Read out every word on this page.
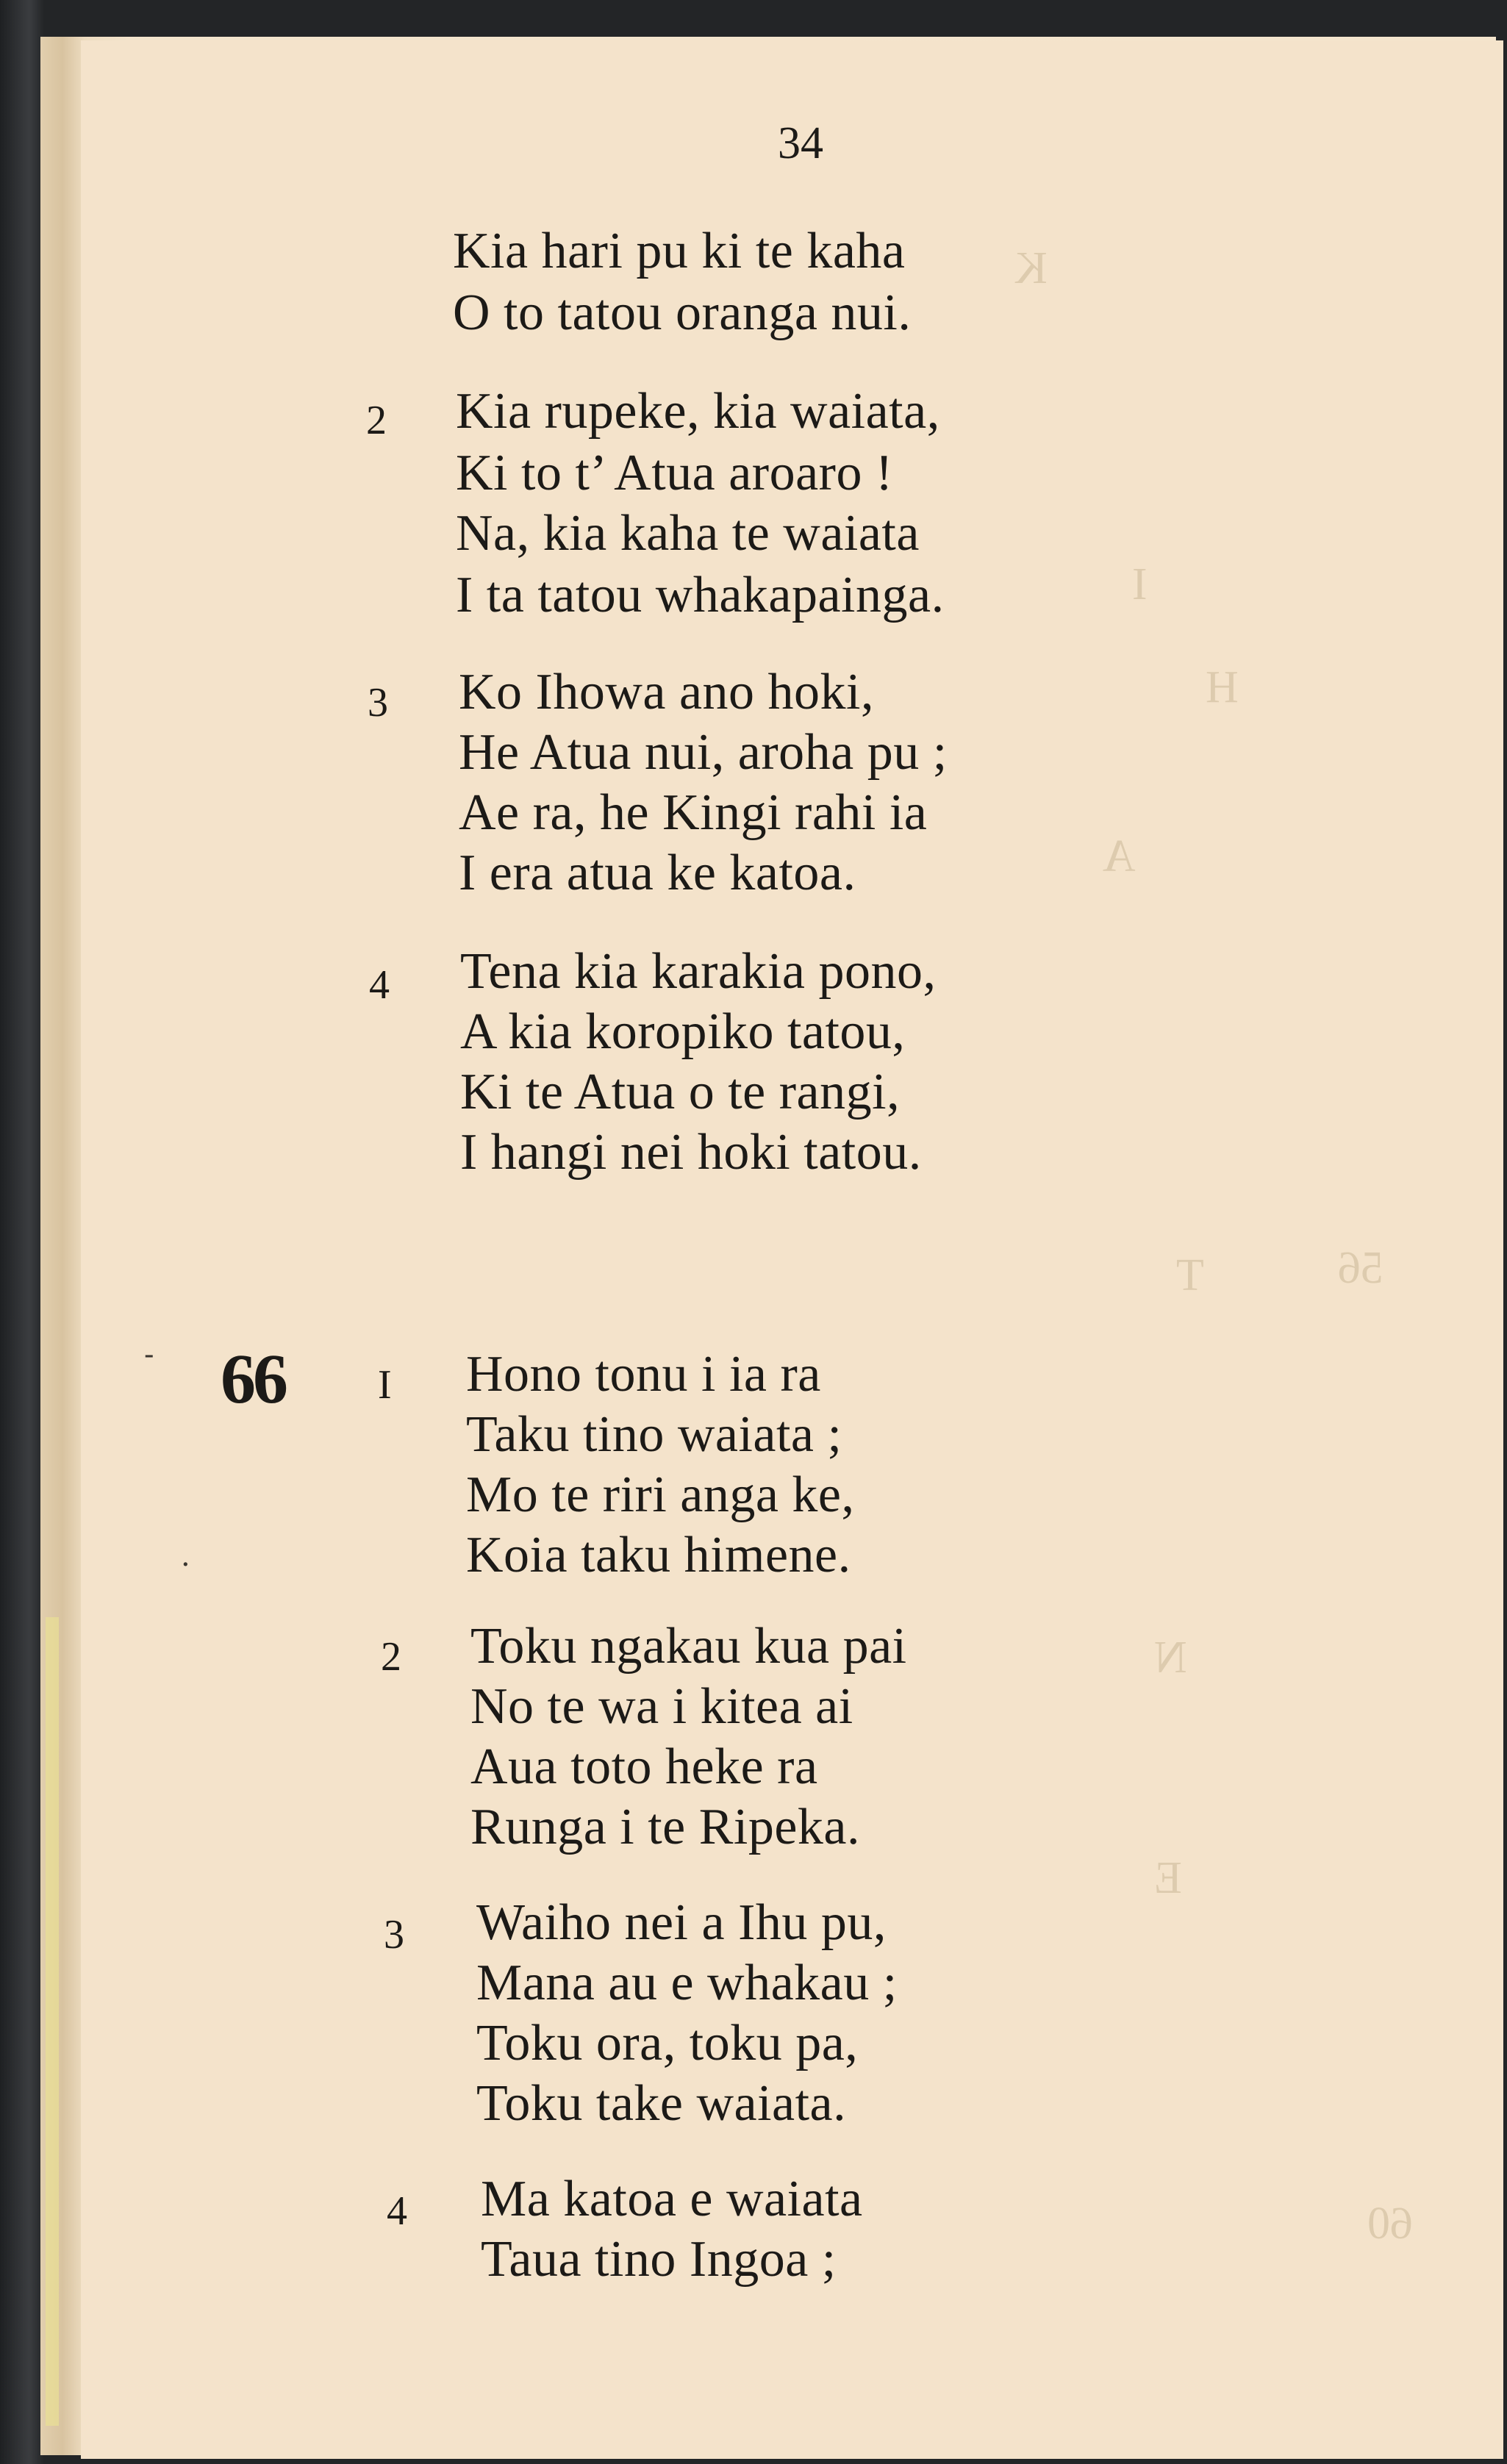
K
I
H
A
T	56
N
E
60
34
Kia hari pu ki te kaha
O to tatou oranga nui.
2 Kia rupeke, kia waiata,
Ki to t’ Atua aroaro !
Na, kia kaha te waiata
I ta tatou whakapainga.
3 Ko Ihowa ano hoki,
He Atua nui, aroha pu ;
Ae ra, he Kingi rahi ia
I era atua ke katoa.
4 Tena kia karakia pono,
A kia koropiko tatou,
Ki te Atua o te rangi,
I hangi nei hoki tatou.
-
·
66 I Hono tonu i ia ra
Taku tino waiata ;
Mo te riri anga ke,
Koia taku himene.
2 Toku ngakau kua pai
No te wa i kitea ai
Aua toto heke ra
Runga i te Ripeka.
3 Waiho nei a Ihu pu,
Mana au e whakau ;
Toku ora, toku pa,
Toku take waiata.
4 Ma katoa e waiata
Taua tino Ingoa ;
